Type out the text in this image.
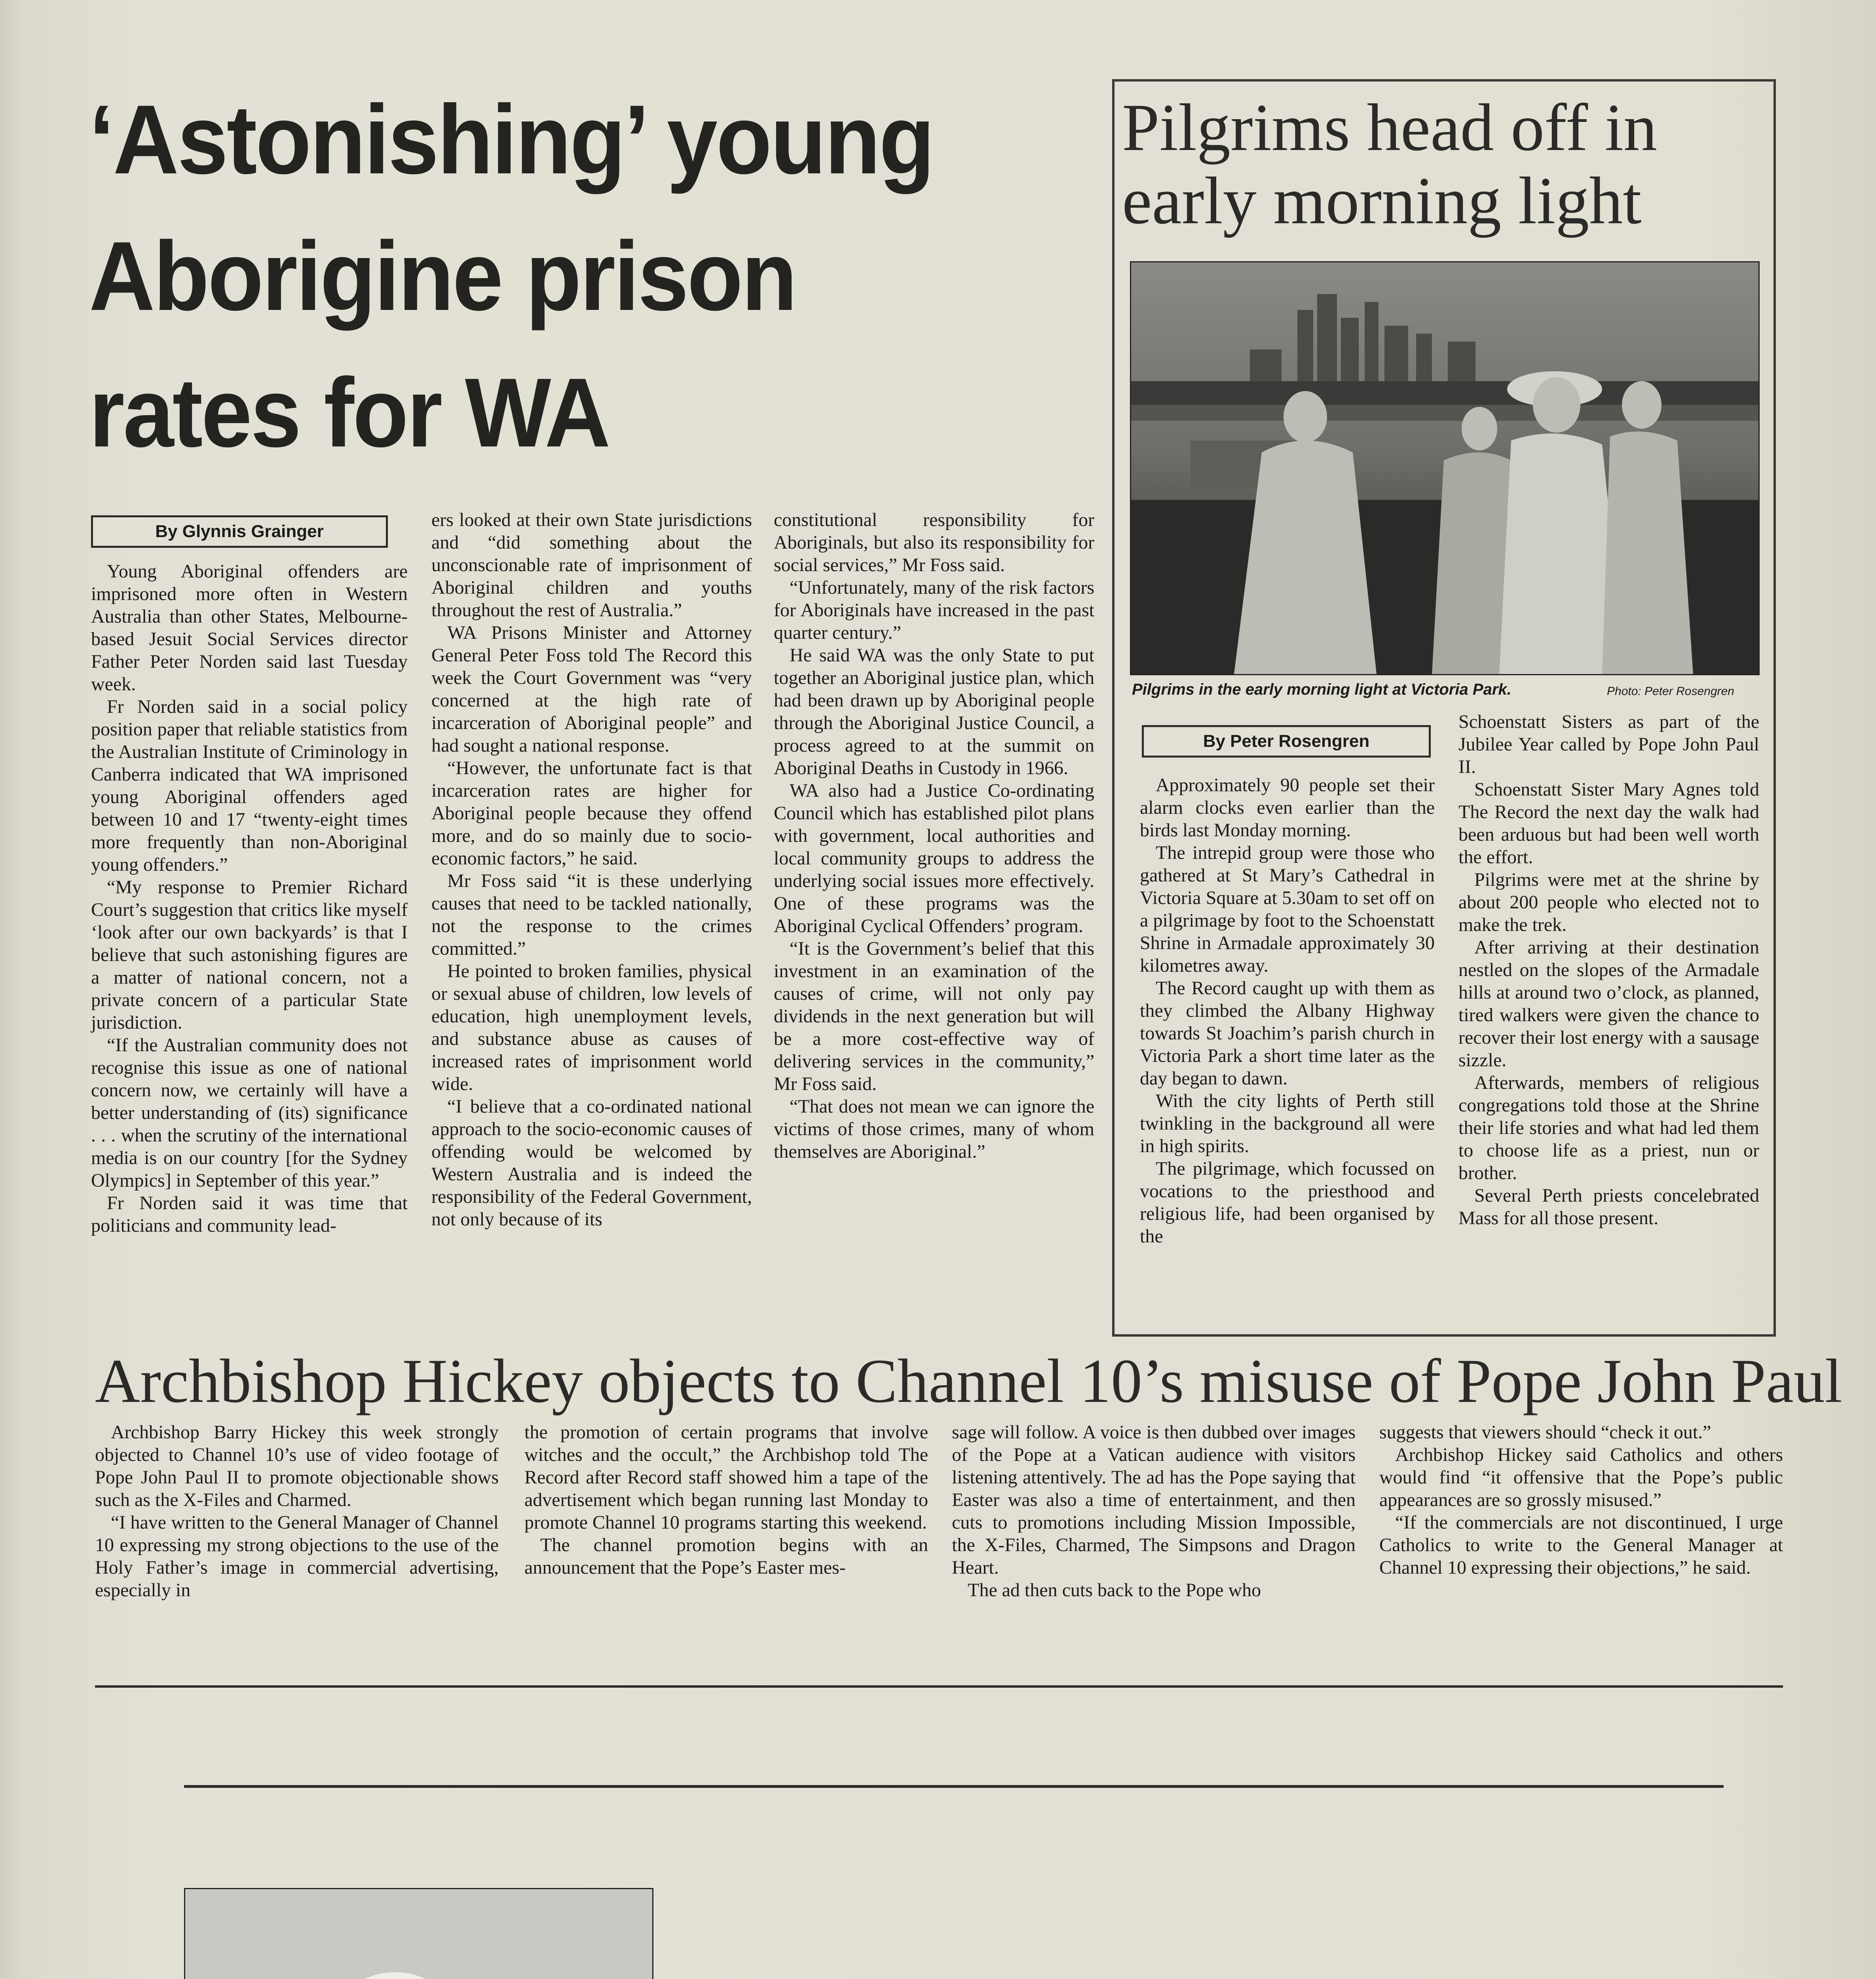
‘Astonishing’ young
Aborigine prison
rates for WA
By Glynnis Grainger

Young Aboriginal offenders are imprisoned more often in Western Australia than other States, Melbourne-based Jesuit Social Services director Father Peter Norden said last Tuesday week.

Fr Norden said in a social policy position paper that reliable statistics from the Australian Institute of Criminology in Canberra indicated that WA imprisoned young Aboriginal offenders aged between 10 and 17 “twenty-eight times more frequently than non-Aboriginal young offenders.”

“My response to Premier Richard Court’s suggestion that critics like myself ‘look after our own backyards’ is that I believe that such astonishing figures are a matter of national concern, not a private concern of a particular State jurisdiction.

“If the Australian community does not recognise this issue as one of national concern now, we certainly will have a better understanding of (its) significance . . . when the scrutiny of the international media is on our country [for the Sydney Olympics] in September of this year.”

Fr Norden said it was time that politicians and community lead-

ers looked at their own State jurisdictions and “did something about the unconscionable rate of imprisonment of Aboriginal children and youths throughout the rest of Australia.”

WA Prisons Minister and Attorney General Peter Foss told The Record this week the Court Government was “very concerned at the high rate of incarceration of Aboriginal people” and had sought a national response.

“However, the unfortunate fact is that incarceration rates are higher for Aboriginal people because they offend more, and do so mainly due to socio-economic factors,” he said.

Mr Foss said “it is these underlying causes that need to be tackled nationally, not the response to the crimes committed.”

He pointed to broken families, physical or sexual abuse of children, low levels of education, high unemployment levels, and substance abuse as causes of increased rates of imprisonment world wide.

“I believe that a co-ordinated national approach to the socio-economic causes of offending would be welcomed by Western Australia and is indeed the responsibility of the Federal Government, not only because of its

constitutional responsibility for Aboriginals, but also its responsibility for social services,” Mr Foss said.

“Unfortunately, many of the risk factors for Aboriginals have increased in the past quarter century.”

He said WA was the only State to put together an Aboriginal justice plan, which had been drawn up by Aboriginal people through the Aboriginal Justice Council, a process agreed to at the summit on Aboriginal Deaths in Custody in 1966.

WA also had a Justice Co-ordinating Council which has established pilot plans with government, local authorities and local community groups to address the underlying social issues more effectively. One of these programs was the Aboriginal Cyclical Offenders’ program.

“It is the Government’s belief that this investment in an examination of the causes of crime, will not only pay dividends in the next generation but will be a more cost-effective way of delivering services in the community,” Mr Foss said.

“That does not mean we can ignore the victims of those crimes, many of whom themselves are Aboriginal.”

Pilgrims head off in
early morning light
Pilgrims in the early morning light at Victoria Park.	Photo: Peter Rosengren
By Peter Rosengren

Approximately 90 people set their alarm clocks even earlier than the birds last Monday morning.

The intrepid group were those who gathered at St Mary’s Cathedral in Victoria Square at 5.30am to set off on a pilgrimage by foot to the Schoenstatt Shrine in Armadale approximately 30 kilometres away.

The Record caught up with them as they climbed the Albany Highway towards St Joachim’s parish church in Victoria Park a short time later as the day began to dawn.

With the city lights of Perth still twinkling in the background all were in high spirits.

The pilgrimage, which focussed on vocations to the priesthood and religious life, had been organised by the

Schoenstatt Sisters as part of the Jubilee Year called by Pope John Paul II.

Schoenstatt Sister Mary Agnes told The Record the next day the walk had been arduous but had been well worth the effort.

Pilgrims were met at the shrine by about 200 people who elected not to make the trek.

After arriving at their destination nestled on the slopes of the Armadale hills at around two o’clock, as planned, tired walkers were given the chance to recover their lost energy with a sausage sizzle.

Afterwards, members of religious congregations told those at the Shrine their life stories and what had led them to choose life as a priest, nun or brother.

Several Perth priests concelebrated Mass for all those present.

Archbishop Hickey objects to Channel 10’s misuse of Pope John Paul

Archbishop Barry Hickey this week strongly objected to Channel 10’s use of video footage of Pope John Paul II to promote objectionable shows such as the X-Files and Charmed.

“I have written to the General Manager of Channel 10 expressing my strong objections to the use of the Holy Father’s image in commercial advertising, especially in

the promotion of certain programs that involve witches and the occult,” the Archbishop told The Record after Record staff showed him a tape of the advertisement which began running last Monday to promote Channel 10 programs starting this weekend.

The channel promotion begins with an announcement that the Pope’s Easter mes-

sage will follow. A voice is then dubbed over images of the Pope at a Vatican audience with visitors listening attentively. The ad has the Pope saying that Easter was also a time of entertainment, and then cuts to promotions including Mission Impossible, the X-Files, Charmed, The Simpsons and Dragon Heart.

The ad then cuts back to the Pope who

suggests that viewers should “check it out.”

Archbishop Hickey said Catholics and others would find “it offensive that the Pope’s public appearances are so grossly misused.”

“If the commercials are not discontinued, I urge Catholics to write to the General Manager at Channel 10 expressing their objections,” he said.
